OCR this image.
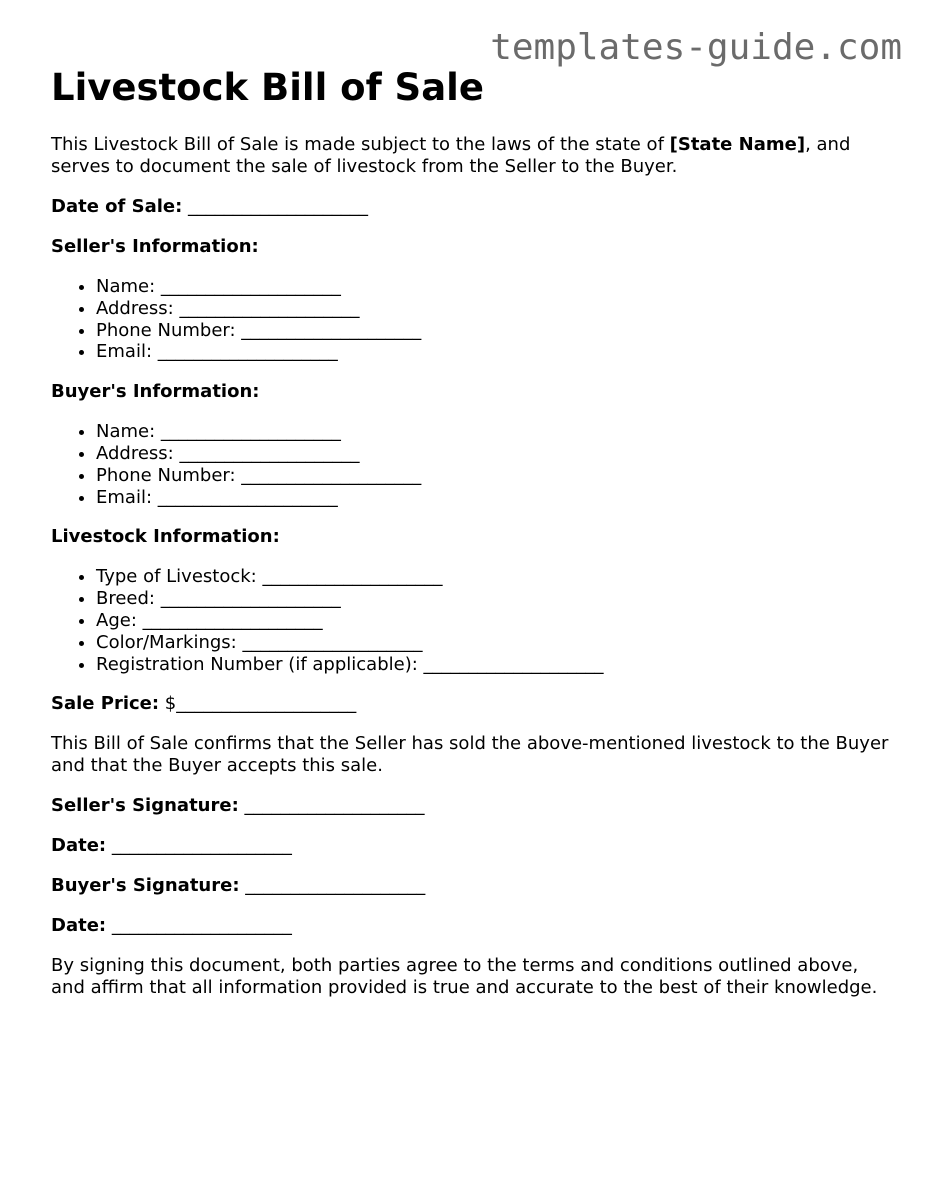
templates-guide.com
Livestock Bill of Sale

This Livestock Bill of Sale is made subject to the laws of the state of [State Name], and serves to document the sale of livestock from the Seller to the Buyer.

Date of Sale: ____________________
Seller's Information:
• Name: ____________________
• Address: ____________________
• Phone Number: ____________________
• Email: ____________________
Buyer's Information:
• Name: ____________________
• Address: ____________________
• Phone Number: ____________________
• Email: ____________________
Livestock Information:
• Type of Livestock: ____________________
• Breed: ____________________
• Age: ____________________
• Color/Markings: ____________________
• Registration Number (if applicable): ____________________
Sale Price: $____________________

This Bill of Sale confirms that the Seller has sold the above-mentioned livestock to the Buyer and that the Buyer accepts this sale.

Seller's Signature: ____________________
Date: ____________________
Buyer's Signature: ____________________
Date: ____________________

By signing this document, both parties agree to the terms and conditions outlined above, and affirm that all information provided is true and accurate to the best of their knowledge.
